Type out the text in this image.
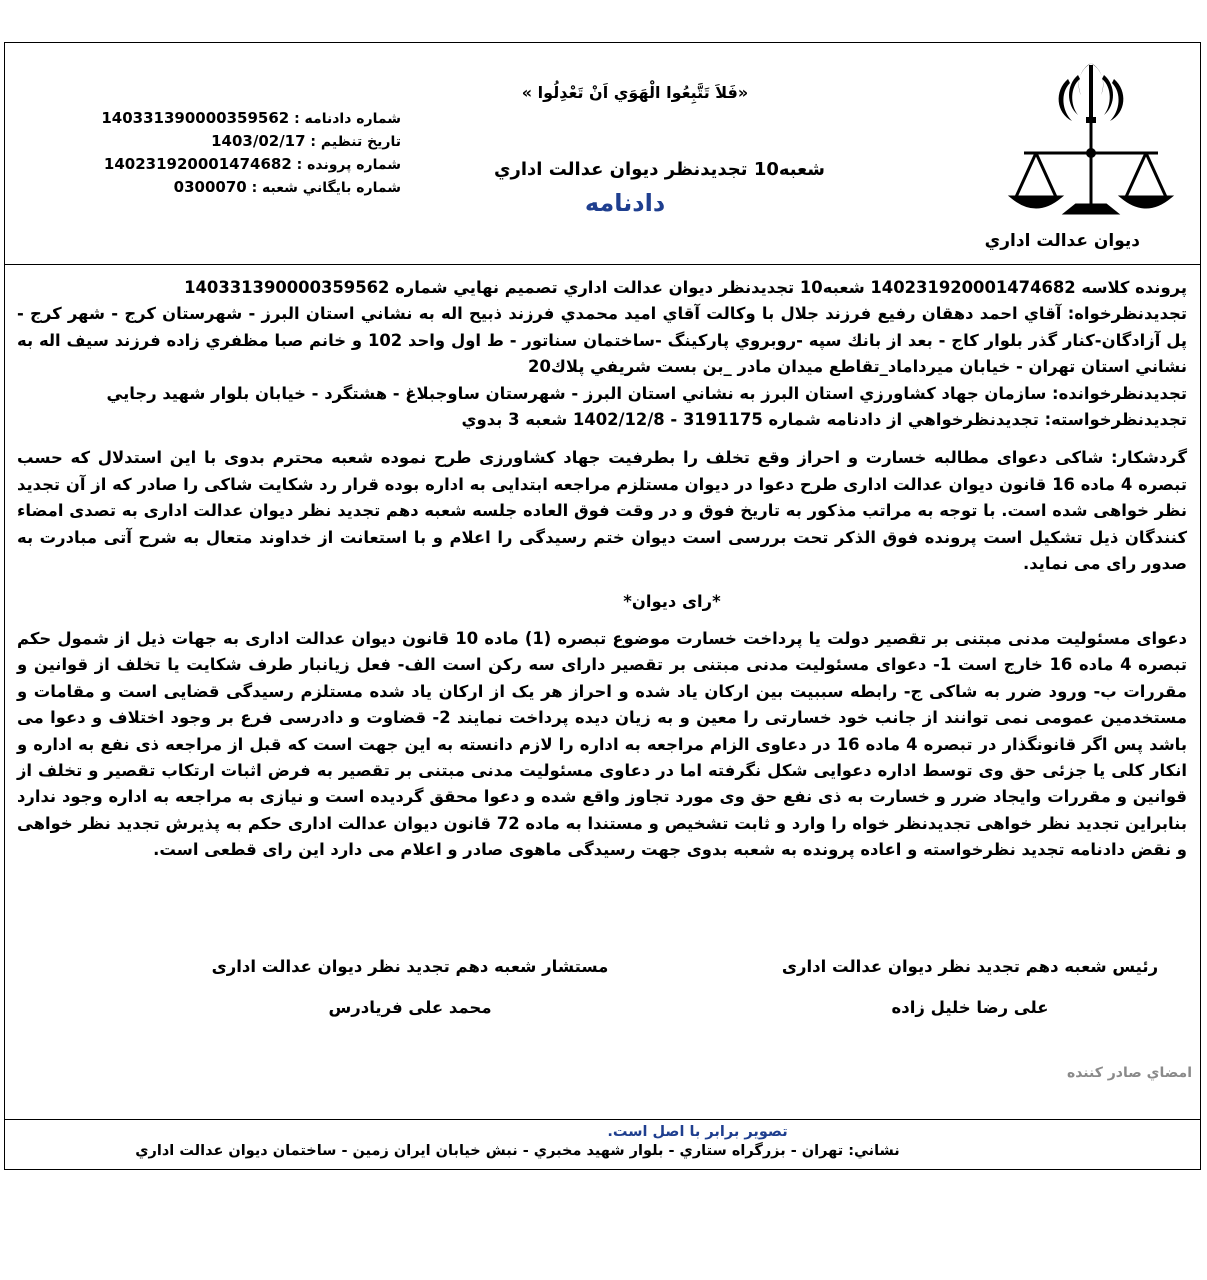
ديوان عدالت اداري
«فَلاَ تَتَّبِعُوا الْهَوَي اَنْ تَعْدِلُوا »
شعبه10 تجديدنظر ديوان عدالت اداري
دادنامه
شماره دادنامه : 140331390000359562
تاريخ تنظيم : 1403/02/17
شماره پرونده : 140231920001474682
شماره بايگاني شعبه : 0300070

پرونده كلاسه 140231920001474682 شعبه10 تجديدنظر ديوان عدالت اداري تصميم نهايي شماره 140331390000359562

تجديدنظرخواه: آقاي احمد دهقان رفيع فرزند جلال با وكالت آقاي اميد محمدي فرزند ذبيح اله به نشاني استان البرز - شهرستان كرج - شهر كرج - پل آزادگان-كنار گذر بلوار كاج - بعد از بانك سپه -روبروي پاركينگ -ساختمان سناتور - ط اول واحد 102 و خانم صبا مظفري زاده فرزند سيف اله به نشاني استان تهران - خيابان ميرداماد_تقاطع ميدان مادر _بن بست شريفي پلاك20

تجديدنظرخوانده: سازمان جهاد كشاورزي استان البرز به نشاني استان البرز - شهرستان ساوجبلاغ - هشتگرد - خيابان بلوار شهيد رجايي

تجديدنظرخواسته: تجديدنظرخواهي از دادنامه شماره 3191175 - 1402/12/8 شعبه 3 بدوي

گردشكار: شاكی دعوای مطالبه خسارت و احراز وقع تخلف را بطرفيت جهاد كشاورزی طرح نموده شعبه محترم بدوی با اين استدلال كه حسب تبصره 4 ماده 16 قانون ديوان عدالت اداری طرح دعوا در ديوان مستلزم مراجعه ابتدايی به اداره بوده قرار رد شكايت شاكی را صادر كه از آن تجديد نظر خواهی شده است. با توجه به مراتب مذكور به تاريخ فوق و در وقت فوق العاده جلسه شعبه دهم تجديد نظر ديوان عدالت اداری به تصدی امضاء كنندگان ذيل تشكيل است پرونده فوق الذكر تحت بررسی است ديوان ختم رسيدگی را اعلام و با استعانت از خداوند متعال به شرح آتی مبادرت به صدور رای می نمايد.

*رای ديوان*

دعوای مسئوليت مدنی مبتنی بر تقصير دولت يا پرداخت خسارت موضوع تبصره (1) ماده 10 قانون ديوان عدالت اداری به جهات ذيل از شمول حكم تبصره 4 ماده 16 خارج است 1- دعوای مسئوليت مدنی مبتنی بر تقصير دارای سه ركن است الف- فعل زيانبار طرف شكايت يا تخلف از قوانين و مقررات ب- ورود ضرر به شاكی ج- رابطه سببيت بين اركان ياد شده و احراز هر يک از اركان ياد شده مستلزم رسيدگی قضايی است و مقامات و مستخدمين عمومی نمی توانند از جانب خود خسارتی را معين و به زيان ديده پرداخت نمايند 2- قضاوت و دادرسی فرع بر وجود اختلاف و دعوا می باشد پس اگر قانونگذار در تبصره 4 ماده 16 در دعاوی الزام مراجعه به اداره را لازم دانسته به اين جهت است كه قبل از مراجعه ذی نفع به اداره و انكار كلی يا جزئی حق وی توسط اداره دعوايی شكل نگرفته اما در دعاوی مسئوليت مدنی مبتنی بر تقصير به فرض اثبات ارتكاب تقصير و تخلف از قوانين و مقررات وايجاد ضرر و خسارت به ذی نفع حق وی مورد تجاوز واقع شده و دعوا محقق گرديده است و نيازی به مراجعه به اداره وجود ندارد بنابراين تجديد نظر خواهی تجديدنظر خواه را وارد و ثابت تشخيص و مستندا به ماده 72 قانون ديوان عدالت اداری حكم به پذيرش تجديد نظر خواهی و نقض دادنامه تجديد نظرخواسته و اعاده پرونده به شعبه بدوی جهت رسيدگی ماهوی صادر و اعلام می دارد اين رای قطعی است.

رئيس شعبه دهم تجديد نظر ديوان عدالت اداری
علی رضا خليل زاده
مستشار شعبه دهم تجديد نظر ديوان عدالت اداری
محمد علی فريادرس
امضاي صادر كننده
تصوير برابر با اصل است.
نشاني: تهران - بزرگراه ستاري - بلوار شهيد مخبري - نبش خيابان ايران زمين - ساختمان ديوان عدالت اداري
